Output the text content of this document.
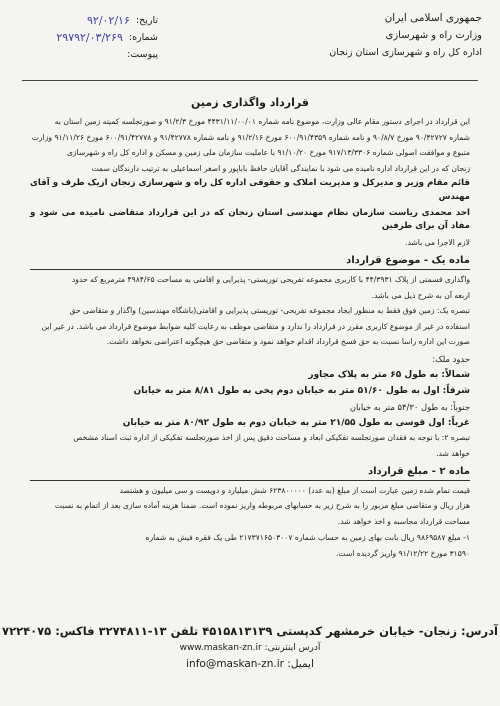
تاریخ:
۹۲/۰۲/۱۶
شماره:
۲۹۷۹۲/۰۳/۲۶۹
پیوست:
جمهوری اسلامی ایران
وزارت راه و شهرسازی
اداره کل راه و شهرسازی استان زنجان
قرارداد واگذاری زمین
این قرارداد در اجرای دستور مقام عالی وزارت، موضوع نامه شماره ۴۴۳۱/۱۱/۰۰/۰۱ مورخ ۹۱/۲/۳ و صورتجلسه کمیته زمین استان به
شماره ۹۰/۴۲۷۲۷ مورخ ۹۰/۸/۷ و نامه شماره ۶۰۰/۹۱/۴۳۵۹ مورخ ۹۱/۲/۱۶ و نامه شماره ۹۱/۴۲۷۷۸ و ۶۰۰/۹۱/۴۲۷۷۸ مورخ ۹۱/۱۱/۲۶ وزارت
متبوع و موافقت اصولی شماره ۹۱۷/۱۳/۳۳۰۶ مورخ ۹۱/۱۰/۲۰ با عاملیت سازمان ملی زمین و مسکن و اداره کل راه و شهرسازی
زنجان که در این قرارداد اداره نامیده می شود با نمایندگی آقایان حافظ باباپور و اصغر اسماعیلی به ترتیب دارندگان سمت
قائم مقام وزیر و مدیرکل و مدیریت املاک و حقوقی اداره کل راه و شهرسازی زنجان ازیک طرف و آقای مهندس
احد محمدی ریاست سازمان نظام مهندسی استان زنجان که در این قرارداد متقاضی نامیده می شود و مفاد آن برای طرفین
لازم الاجرا می باشد.
ماده یک - موضوع قرارداد
واگذاری قسمتی از پلاک ۴۴/۳۹۳۱ با کاربری مجموعه تفریحی توریستی- پذیرایی و اقامتی به مساحت ۴۹۸۴/۶۵ مترمربع که حدود
اربعه آن به شرح ذیل می باشد.
تبصره یک: زمین فوق فقط به منظور ایجاد مجموعه تفریحی- توریستی پذیرایی و اقامتی(باشگاه مهندسین) واگذار و متقاضی حق
استفاده در غیر از موضوع کاربری مقرر در قرارداد را ندارد و متقاضی موظف به رعایت کلیه ضوابط موضوع قرارداد می باشد. در غیر این
صورت این اداره راسا نسبت به حق فسخ قرارداد اقدام خواهد نمود و متقاضی حق هیچگونه اعتراضی نخواهد داشت.
حدود ملک:
شمالاً: به طول ۶۵ متر به پلاک مجاور
شرقاً: اول به طول ۵۱/۶۰ متر به خیابان دوم پخی به طول ۸/۸۱ متر به خیابان
جنوباً: به طول ۵۴/۳۰ متر به خیابان
غرباً: اول قوسی به طول ۲۱/۵۵ متر به خیابان دوم به طول ۸۰/۹۲ متر به خیابان
تبصره ۲: با توجه به فقدان صورتجلسه تفکیکی ابعاد و مساحت دقیق پس از اخذ صورتجلسه تفکیکی از اداره ثبت اسناد مشخص
خواهد شد.
ماده ۲ - مبلغ قرارداد
قیمت تمام شده زمین عبارت است از مبلغ (به عدد) ۶۲۳۸۰۰۰۰۰ شش میلیارد و دویست و سی میلیون و هشتصد
هزار ریال و متقاضی مبلغ مزبور را به شرح زیر به حسابهای مربوطه واریز نموده است. ضمنا هزینه آماده سازی بعد از اتمام به نسبت
مساحت قرارداد محاسبه و اخذ خواهد شد.
۱- مبلغ ۹۸۶۹۵۸۷ ریال بابت بهای زمین به حساب شماره ۲۱۷۳۷۱۶۵۰۳۰۰۷ طی یک فقره فیش به شماره
۳۱۵۹۰ مورخ ۹۱/۱۲/۲۲ واریز گردیده است.
آدرس: زنجان- خیابان خرمشهر کدپستی ۴۵۱۵۸۱۳۱۳۹ تلفن ۱۳-۳۲۷۴۸۱۱ فاکس: ۷۲۲۴۰۷۵
آدرس اینترنتی: www.maskan-zn.ir
ایمیل: info@maskan-zn.ir
